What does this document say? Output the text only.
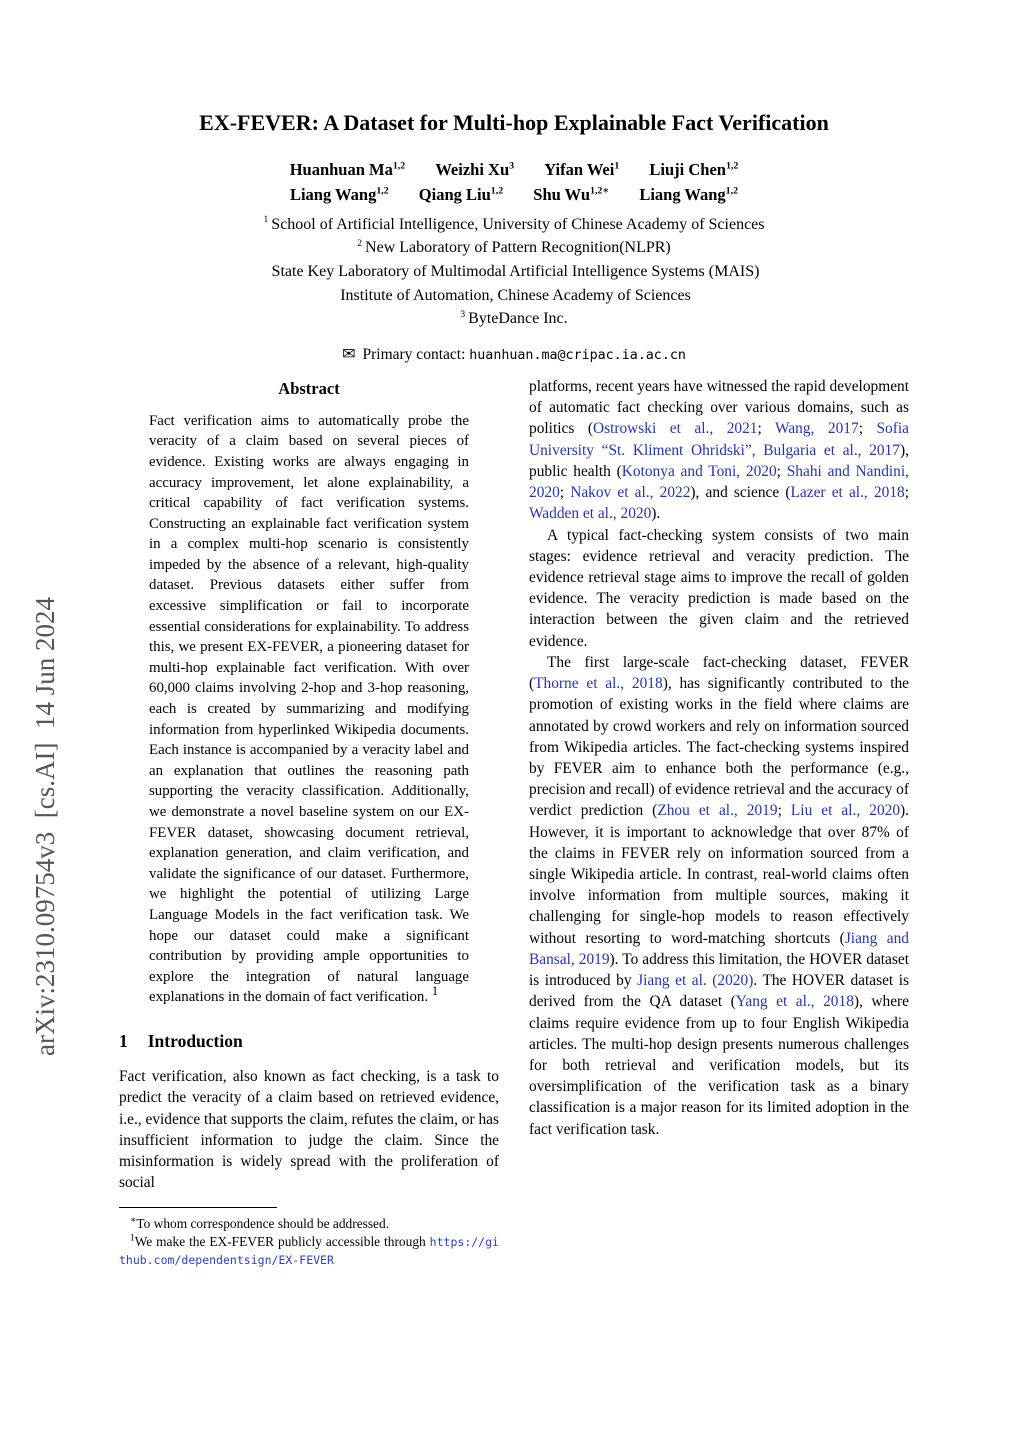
arXiv:2310.09754v3  [cs.AI]  14 Jun 2024
EX-FEVER: A Dataset for Multi-hop Explainable Fact Verification
Huanhuan Ma$^{1,2}$ Weizhi Xu$^3$ Yifan Wei$^1$ Liuji Chen$^{1,2}$
Liang Wang$^{1,2}$ Qiang Liu$^{1,2}$ Shu $Wu^{1,2∗}$ Liang Wang$^{1,2}$
$^1$ School of Artificial Intelligence, University of Chinese Academy of Sciences
$^2$ New Laboratory of Pattern Recognition(NLPR)
State Key Laboratory of Multimodal Artificial Intelligence Systems (MAIS)
Institute of Automation, Chinese Academy of Sciences
$^3$ ByteDance Inc.
✉ Primary contact: huanhuan.ma@cripac.ia.ac.cn
Abstract

Fact verification aims to automatically probe the veracity of a claim based on several pieces of evidence. Existing works are always engaging in accuracy improvement, let alone explainability, a critical capability of fact verification systems. Constructing an explainable fact verification system in a complex multi-hop scenario is consistently impeded by the absence of a relevant, high-quality dataset. Previous datasets either suffer from excessive simplification or fail to incorporate essential considerations for explainability. To address this, we present EX-FEVER, a pioneering dataset for multi-hop explainable fact verification. With over 60,000 claims involving 2-hop and 3-hop reasoning, each is created by summarizing and modifying information from hyperlinked Wikipedia documents. Each instance is accompanied by a veracity label and an explanation that outlines the reasoning path supporting the veracity classification. Additionally, we demonstrate a novel baseline system on our EX-FEVER dataset, showcasing document retrieval, explanation generation, and claim verification, and validate the significance of our dataset. Furthermore, we highlight the potential of utilizing Large Language Models in the fact verification task. We hope our dataset could make a significant contribution by providing ample opportunities to explore the integration of natural language explanations in the domain of fact verification. $^1$

1 Introduction

Fact verification, also known as fact checking, is a task to predict the veracity of a claim based on retrieved evidence, i.e., evidence that supports the claim, refutes the claim, or has insufficient information to judge the claim. Since the misinformation is widely spread with the proliferation of social

∗To whom correspondence should be addressed.

$^1$We make the EX-FEVER publicly accessible through https://github.com/dependentsign/EX-FEVER

platforms, recent years have witnessed the rapid development of automatic fact checking over various domains, such as politics (Ostrowski et al., 2021; Wang, 2017; Sofia University “St. Kliment Ohridski”, Bulgaria et al., 2017), public health (Kotonya and Toni, 2020; Shahi and Nandini, 2020; Nakov et al., 2022), and science (Lazer et al., 2018; Wadden et al., 2020).

A typical fact-checking system consists of two main stages: evidence retrieval and veracity prediction. The evidence retrieval stage aims to improve the recall of golden evidence. The veracity prediction is made based on the interaction between the given claim and the retrieved evidence.

The first large-scale fact-checking dataset, FEVER (Thorne et al., 2018), has significantly contributed to the promotion of existing works in the field where claims are annotated by crowd workers and rely on information sourced from Wikipedia articles. The fact-checking systems inspired by FEVER aim to enhance both the performance (e.g., precision and recall) of evidence retrieval and the accuracy of verdict prediction (Zhou et al., 2019; Liu et al., 2020). However, it is important to acknowledge that over 87% of the claims in FEVER rely on information sourced from a single Wikipedia article. In contrast, real-world claims often involve information from multiple sources, making it challenging for single-hop models to reason effectively without resorting to word-matching shortcuts (Jiang and Bansal, 2019). To address this limitation, the HOVER dataset is introduced by Jiang et al. (2020). The HOVER dataset is derived from the QA dataset (Yang et al., 2018), where claims require evidence from up to four English Wikipedia articles. The multi-hop design presents numerous challenges for both retrieval and verification models, but its oversimplification of the verification task as a binary classification is a major reason for its limited adoption in the fact verification task.
